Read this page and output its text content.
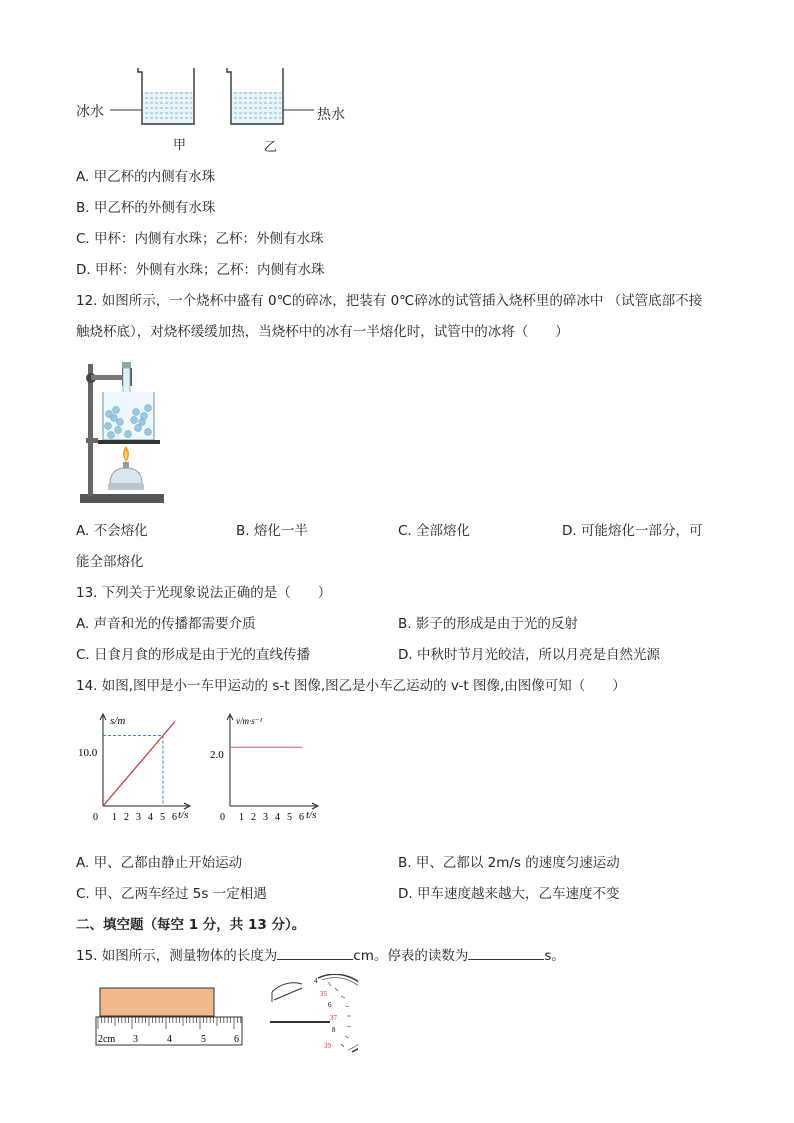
冰水	热水
甲	乙
A. 甲乙杯的内侧有水珠
B. 甲乙杯的外侧有水珠
C. 甲杯：内侧有水珠；乙杯：外侧有水珠
D. 甲杯：外侧有水珠；乙杯：内侧有水珠
12. 如图所示，一个烧杯中盛有 0℃的碎冰，把装有 0℃碎冰的试管插入烧杯里的碎冰中 （试管底部不接
触烧杯底），对烧杯缓缓加热，当烧杯中的冰有一半熔化时，试管中的冰将（　　）
A. 不会熔化	B. 熔化一半	C. 全部熔化	D. 可能熔化一部分，可
能全部熔化
13. 下列关于光现象说法正确的是（　　）
A. 声音和光的传播都需要介质	B. 影子的形成是由于光的反射
C. 日食月食的形成是由于光的直线传播	D. 中秋时节月光皎洁，所以月亮是自然光源
14. 如图,图甲是小一车甲运动的 s-t 图像,图乙是小车乙运动的 v-t 图像,由图像可知（　　）
s/m
t/s
10.0
0 1 2 3 4 5 6
v/m·s⁻¹
t/s
2.0
0 1 2 3 4 5 6
A. 甲、乙都由静止开始运动	B. 甲、乙都以 2m/s 的速度匀速运动
C. 甲、乙两车经过 5s 一定相遇	D. 甲车速度越来越大，乙车速度不变
二、填空题（每空 1 分，共 13 分）。
15. 如图所示，测量物体的长度为	cm。停表的读数为	s。
2cm 3	4	5	6
4
35
6
37
8
39
